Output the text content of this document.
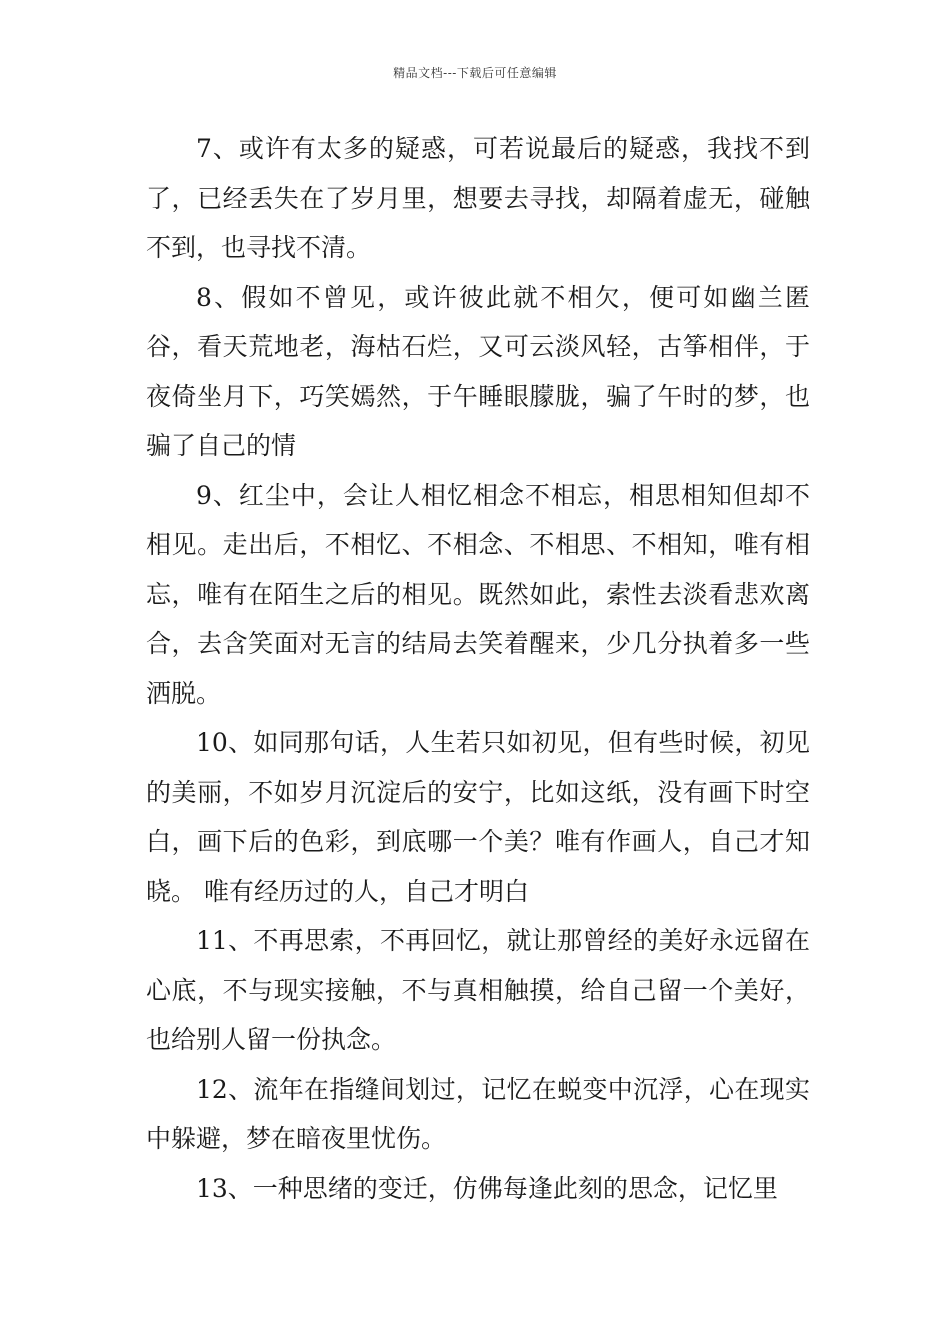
精品文档---下载后可任意编辑

7、或许有太多的疑惑，可若说最后的疑惑，我找不到了，已经丢失在了岁月里，想要去寻找，却隔着虚无，碰触不到，也寻找不清。

8、假如不曾见，或许彼此就不相欠，便可如幽兰匿谷，看天荒地老，海枯石烂，又可云淡风轻，古筝相伴，于夜倚坐月下，巧笑嫣然，于午睡眼朦胧，骗了午时的梦，也骗了自己的情

9、红尘中，会让人相忆相念不相忘，相思相知但却不相见。走出后，不相忆、不相念、不相思、不相知，唯有相忘，唯有在陌生之后的相见。既然如此，索性去淡看悲欢离合，去含笑面对无言的结局去笑着醒来，少几分执着多一些洒脱。

10、如同那句话，人生若只如初见，但有些时候，初见的美丽，不如岁月沉淀后的安宁，比如这纸，没有画下时空白，画下后的色彩，到底哪一个美？唯有作画人，自己才知晓。 唯有经历过的人，自己才明白

11、不再思索，不再回忆，就让那曾经的美好永远留在心底，不与现实接触，不与真相触摸，给自己留一个美好，也给别人留一份执念。

12、流年在指缝间划过，记忆在蜕变中沉浮，心在现实中躲避，梦在暗夜里忧伤。

13、一种思绪的变迁，仿佛每逢此刻的思念，记忆里
